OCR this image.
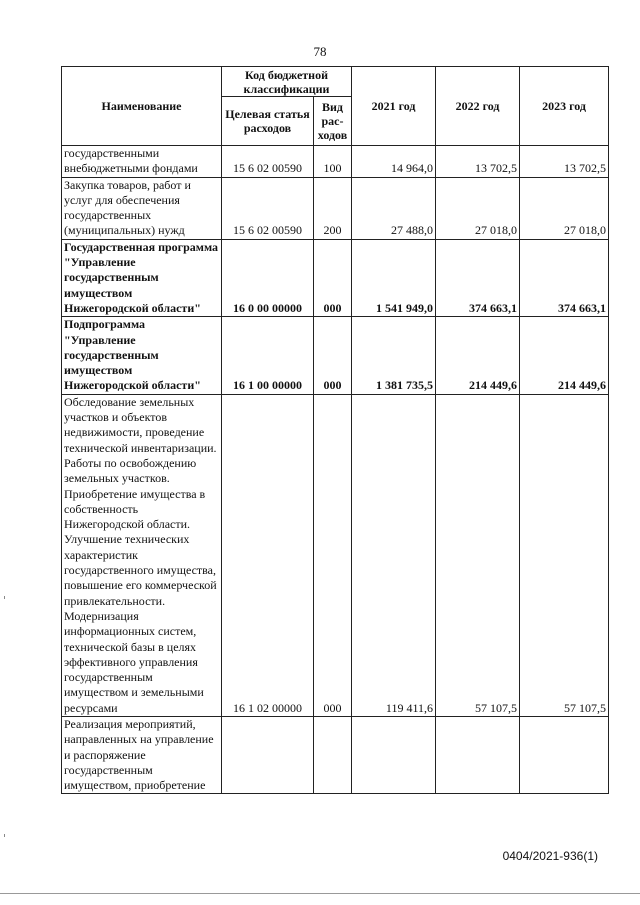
78
Наименование	Код бюджетной классификации		2021 год	2022 год	2023 год
	Целевая статья расходов	Вид рас- ходов			
государственными внебюджетными фондами	15 6 02 00590	100	14 964,0	13 702,5	13 702,5
Закупка товаров, работ и услуг для обеспечения государственных (муниципальных) нужд	15 6 02 00590	200	27 488,0	27 018,0	27 018,0
Государственная программа "Управление государственным имуществом Нижегородской области"	16 0 00 00000	000	1 541 949,0	374 663,1	374 663,1
Подпрограмма "Управление государственным имуществом Нижегородской области"	16 1 00 00000	000	1 381 735,5	214 449,6	214 449,6
Обследование земельных участков и объектов недвижимости, проведение технической инвентаризации. Работы по освобождению земельных участков. Приобретение имущества в собственность Нижегородской области. Улучшение технических характеристик государственного имущества, повышение его коммерческой привлекательности. Модернизация информационных систем, технической базы в целях эффективного управления государственным имуществом и земельными ресурсами	16 1 02 00000	000	119 411,6	57 107,5	57 107,5
Реализация мероприятий, направленных на управление и распоряжение государственным имуществом, приобретение					
0404/2021-936(1)
